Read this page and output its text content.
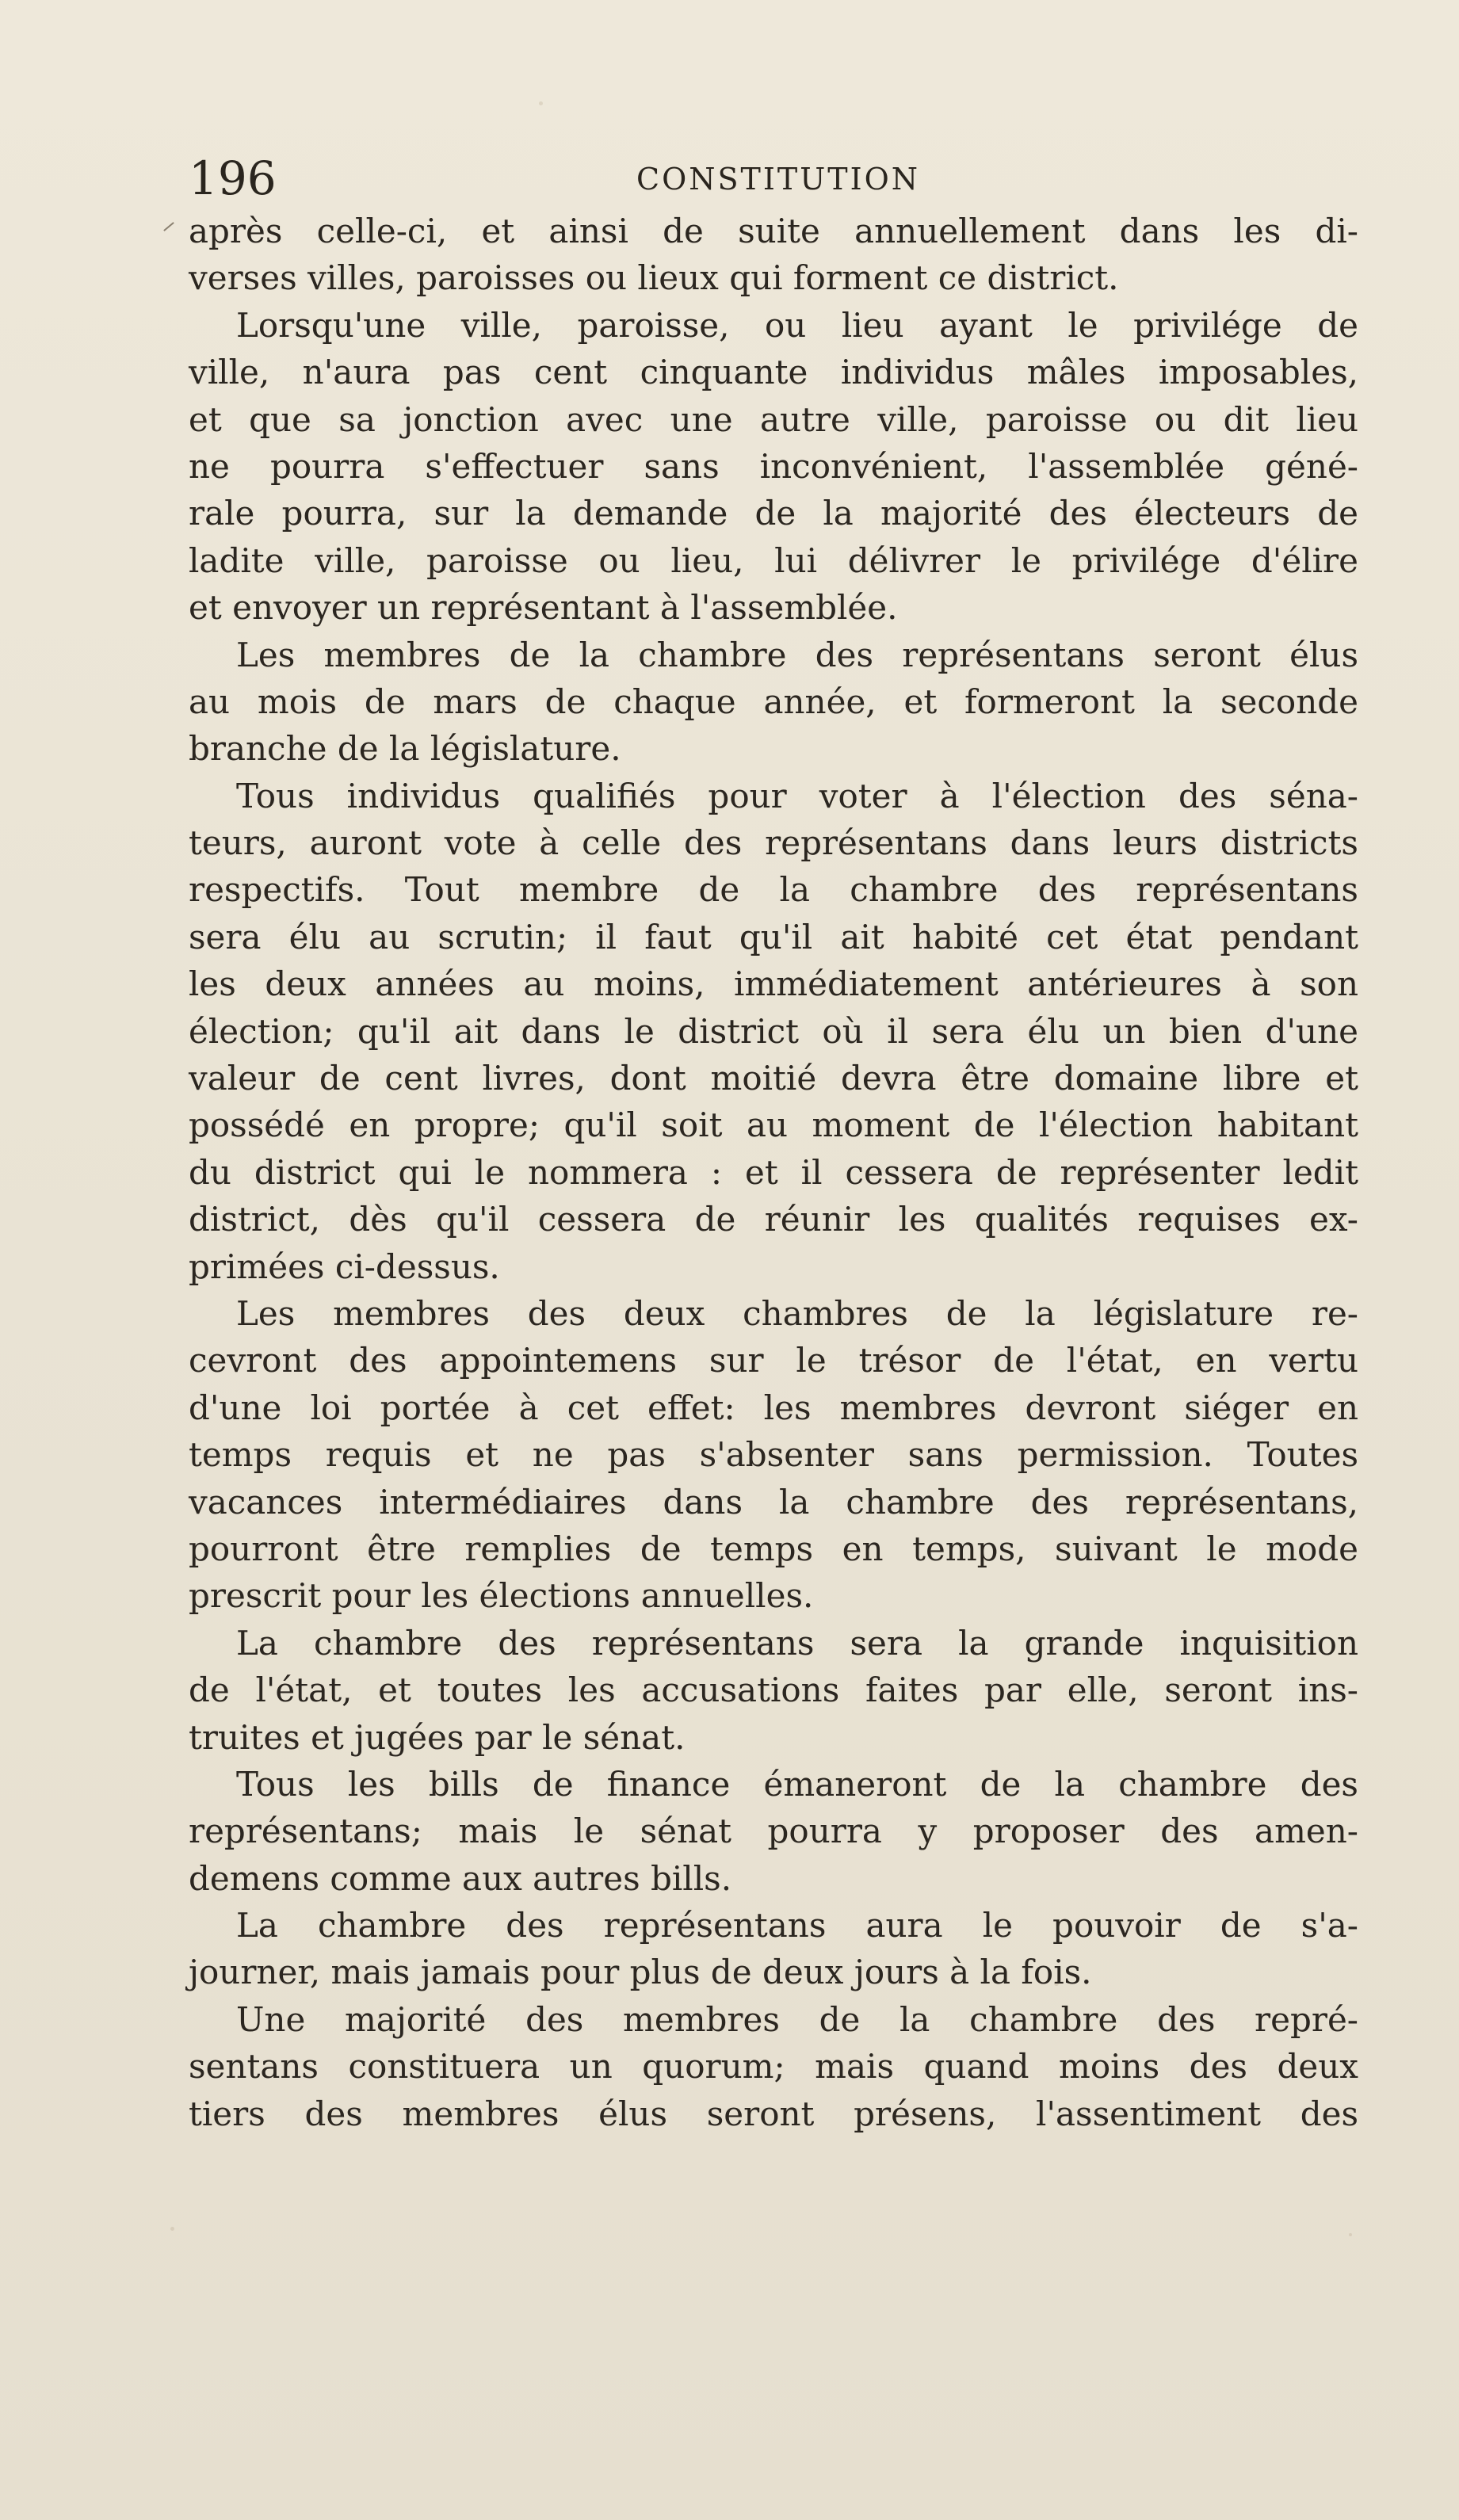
196	CONSTITUTION
après celle-ci, et ainsi de suite annuellement dans les di-
verses villes, paroisses ou lieux qui forment ce district.
Lorsqu'une ville, paroisse, ou lieu ayant le privilége de
ville, n'aura pas cent cinquante individus mâles imposables,
et que sa jonction avec une autre ville, paroisse ou dit lieu
ne pourra s'effectuer sans inconvénient, l'assemblée géné-
rale pourra, sur la demande de la majorité des électeurs de
ladite ville, paroisse ou lieu, lui délivrer le privilége d'élire
et envoyer un représentant à l'assemblée.
Les membres de la chambre des représentans seront élus
au mois de mars de chaque année, et formeront la seconde
branche de la législature.
Tous individus qualifiés pour voter à l'élection des séna-
teurs, auront vote à celle des représentans dans leurs districts
respectifs. Tout membre de la chambre des représentans
sera élu au scrutin; il faut qu'il ait habité cet état pendant
les deux années au moins, immédiatement antérieures à son
élection; qu'il ait dans le district où il sera élu un bien d'une
valeur de cent livres, dont moitié devra être domaine libre et
possédé en propre; qu'il soit au moment de l'élection habitant
du district qui le nommera : et il cessera de représenter ledit
district, dès qu'il cessera de réunir les qualités requises ex-
primées ci-dessus.
Les membres des deux chambres de la législature re-
cevront des appointemens sur le trésor de l'état, en vertu
d'une loi portée à cet effet: les membres devront siéger en
temps requis et ne pas s'absenter sans permission. Toutes
vacances intermédiaires dans la chambre des représentans,
pourront être remplies de temps en temps, suivant le mode
prescrit pour les élections annuelles.
La chambre des représentans sera la grande inquisition
de l'état, et toutes les accusations faites par elle, seront ins-
truites et jugées par le sénat.
Tous les bills de finance émaneront de la chambre des
représentans; mais le sénat pourra y proposer des amen-
demens comme aux autres bills.
La chambre des représentans aura le pouvoir de s'a-
journer, mais jamais pour plus de deux jours à la fois.
Une majorité des membres de la chambre des repré-
sentans constituera un quorum; mais quand moins des deux
tiers des membres élus seront présens, l'assentiment des
